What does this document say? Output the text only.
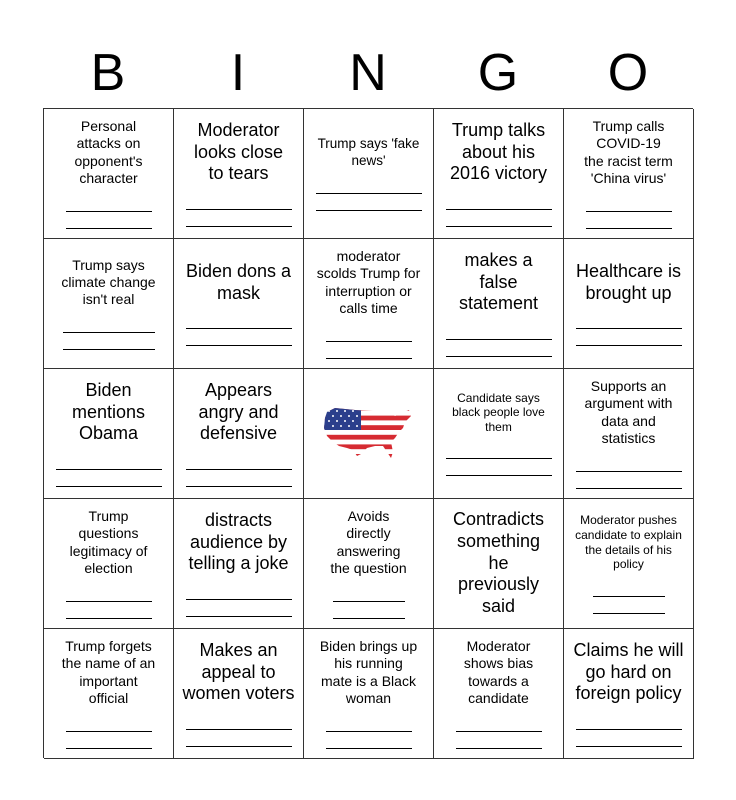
B	I	N	G	O
Personal
attacks on
opponent's
character
Moderator
looks close
to tears
Trump says 'fake
news'
Trump talks
about his
2016 victory
Trump calls
COVID-19
the racist term
'China virus'
Trump says
climate change
isn't real
Biden dons a
mask
moderator
scolds Trump for
interruption or
calls time
makes a
false
statement
Healthcare is
brought up
Biden
mentions
Obama
Appears
angry and
defensive
Candidate says
black people love
them
Supports an
argument with
data and
statistics
Trump
questions
legitimacy of
election
distracts
audience by
telling a joke
Avoids
directly
answering
the question
Contradicts
something
he
previously
said
Moderator pushes
candidate to explain
the details of his
policy
Trump forgets
the name of an
important
official
Makes an
appeal to
women voters
Biden brings up
his running
mate is a Black
woman
Moderator
shows bias
towards a
candidate
Claims he will
go hard on
foreign policy
